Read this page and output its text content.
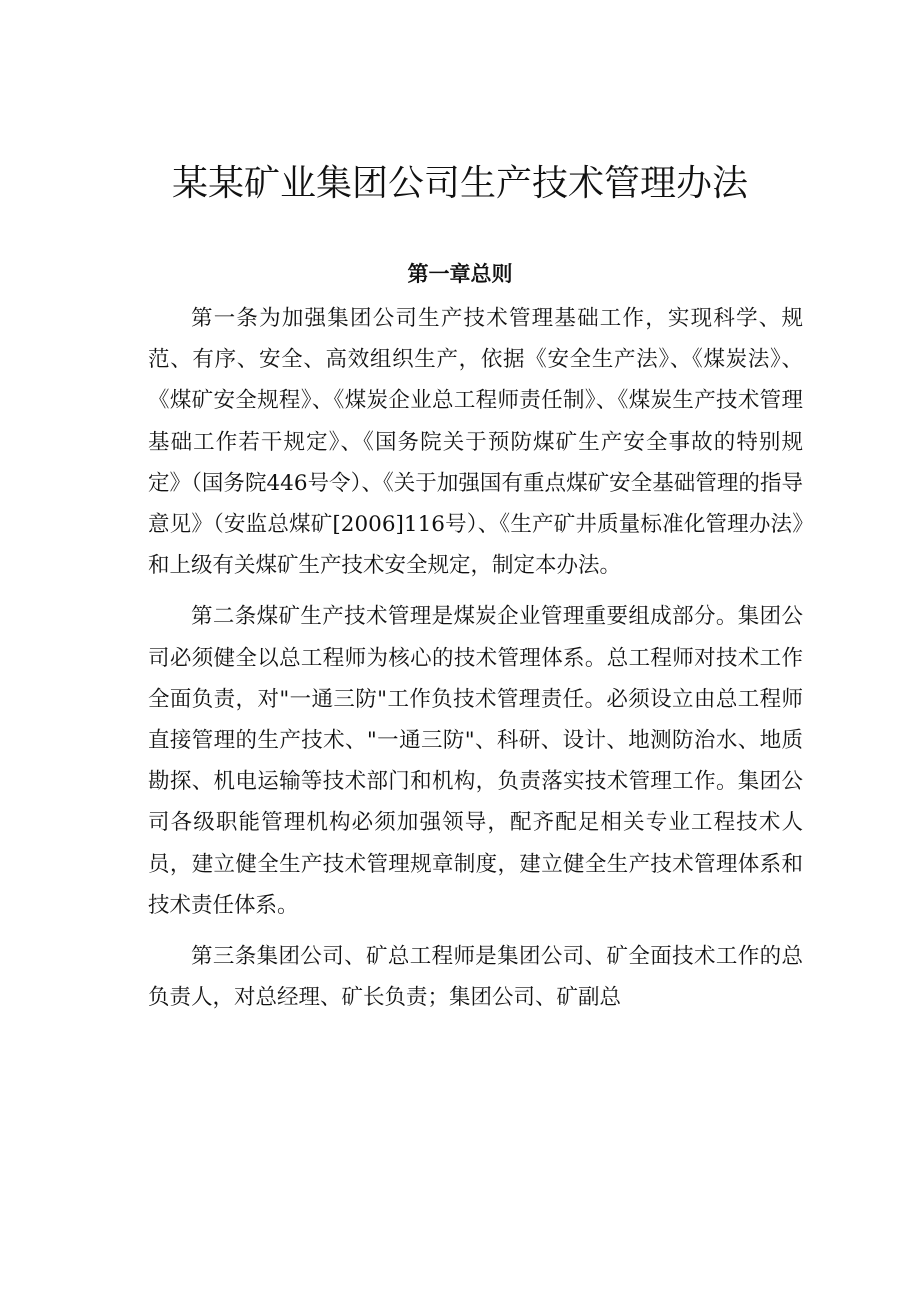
某某矿业集团公司生产技术管理办法
第一章总则

第一条为加强集团公司生产技术管理基础工作，实现科学、规范、有序、安全、高效组织生产，依据《安全生产法》、《煤炭法》、《煤矿安全规程》、《煤炭企业总工程师责任制》、《煤炭生产技术管理基础工作若干规定》、《国务院关于预防煤矿生产安全事故的特别规定》（国务院446号令）、《关于加强国有重点煤矿安全基础管理的指导意见》（安监总煤矿[2006]116号）、《生产矿井质量标准化管理办法》和上级有关煤矿生产技术安全规定，制定本办法。

第二条煤矿生产技术管理是煤炭企业管理重要组成部分。集团公司必须健全以总工程师为核心的技术管理体系。总工程师对技术工作全面负责，对"一通三防"工作负技术管理责任。必须设立由总工程师直接管理的生产技术、"一通三防"、科研、设计、地测防治水、地质勘探、机电运输等技术部门和机构，负责落实技术管理工作。集团公司各级职能管理机构必须加强领导，配齐配足相关专业工程技术人员，建立健全生产技术管理规章制度，建立健全生产技术管理体系和技术责任体系。

第三条集团公司、矿总工程师是集团公司、矿全面技术工作的总负责人，对总经理、矿长负责；集团公司、矿副总
